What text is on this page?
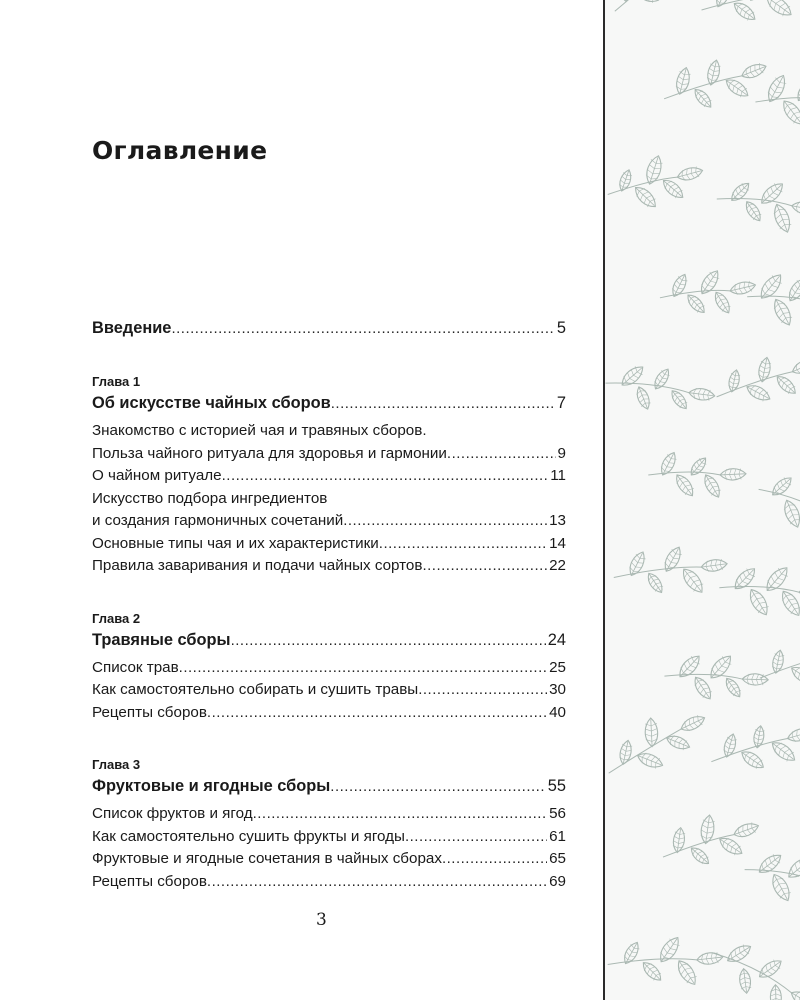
Оглавление
Введение .....	5
Глава 1
Об искусстве чайных сборов .....	7
Знакомство с историей чая и травяных сборов.
Польза чайного ритуала для здоровья и гармонии .....	9
О чайном ритуале .....	11
Искусство подбора ингредиентов
и создания гармоничных сочетаний .....	13
Основные типы чая и их характеристики .....	14
Правила заваривания и подачи чайных сортов .....	22
Глава 2
Травяные сборы .....	24
Список трав .....	25
Как самостоятельно собирать и сушить травы .....	30
Рецепты сборов .....	40
Глава 3
Фруктовые и ягодные сборы .....	55
Список фруктов и ягод .....	56
Как самостоятельно сушить фрукты и ягоды .....	61
Фруктовые и ягодные сочетания в чайных сборах .....	65
Рецепты сборов .....	69

3
